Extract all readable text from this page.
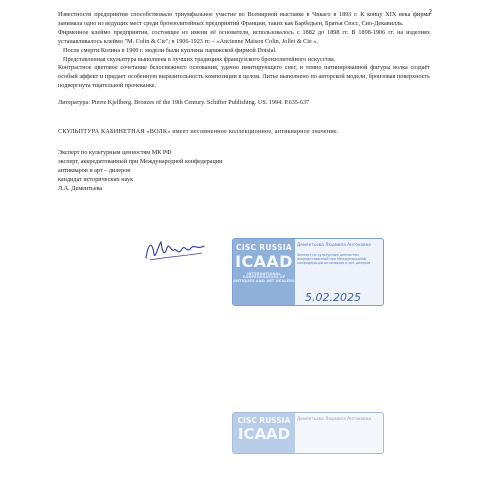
2

Известности предприятия способствовало триумфальное участие во Всемирной выставке в Чикаго в 1893 г. К концу XIX века фирма занимала одно из ведущих мест среди бронзолитейных предприятий Франции, таких как Барбедьен, Братья Сюсс, Сио-Декавилль.

Фирменное клеймо предприятия, состоящее из имени её основателя, использовалось с 1882 до 1898 гг. В 1898-1906 гг. на изделиях устанавливалось клеймо "M. Colin & Cie"; в 1906-1923 гг. – «Ancienne Maison Colin, Jollet & Cie ».

После смерти Колина в 1900 г. модели были куплены парижской фирмой Doistal.

Представленная скульптура выполнена в лучших традициях французского бронзолитейного искусства.

Контрастное цветовое сочетание белоснежного основания, удачно имитирующего снег, и темно патинированной фигуры волка создаёт особый эффект и придает особенную выразительность композиции в целом. Литье выполнено по авторской модели, бронзовая поверхность подвергнута тщательной прочеканке.

Литература: Pierre Kjellberg. Bronzes of the 19th Century. Schiffer Publishing. US. 1994. P.635-637

СКУЛЬПТУРА КАБИНЕТНАЯ «ВОЛК» имеет несомненное коллекционное, антикварное значение.

Эксперт по культурным ценностям МК РФ

эксперт, аккредитованный при Международной конфедерации

антикваров и арт – дилеров

кандидат исторических наук

Л.А. Дементьева

CISC RUSSIA
ICAAD
INTERNATIONAL CONFEDERATION OF ANTIQUES AND ART DEALERS
Дементьева Людмила Антоновна
Эксперт по культурным ценностям, аккредитованный при Международной конфедерации антикваров и арт-дилеров
5.02.2025
CISC RUSSIA
ICAAD
Дементьева Людмила Антоновна
